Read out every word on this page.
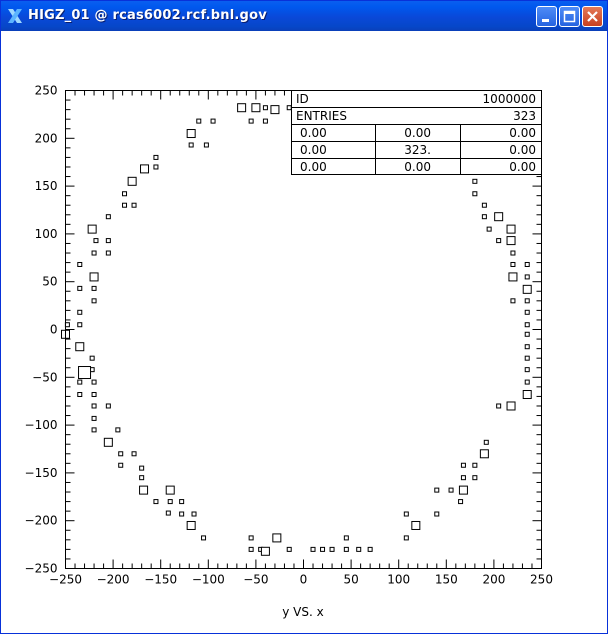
HIGZ_01 @ rcas6002.rcf.bnl.gov
−250 −200 −150 −100 −50	0	50 100 150 200 250
−250
−200
−150
−100
−50
0
50
100
150
200
250
ID	1000000
ENTRIES	323
0.00	0.00	0.00
0.00	323.	0.00
0.00	0.00	0.00
y VS. x
